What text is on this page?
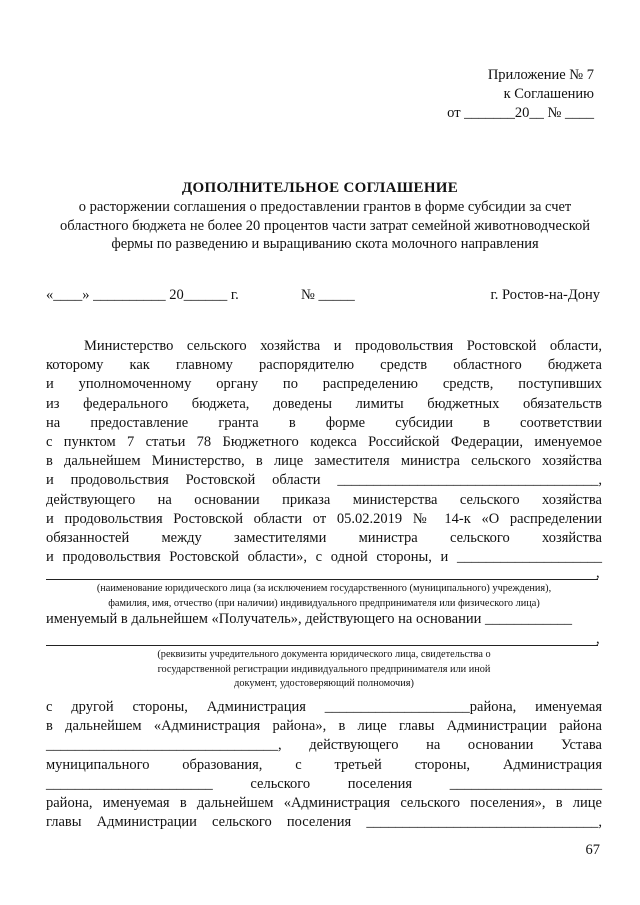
Приложение № 7
к Соглашению
от _______20__ № ____
ДОПОЛНИТЕЛЬНОЕ СОГЛАШЕНИЕ
о расторжении соглашения о предоставлении грантов в форме субсидии за счет
областного бюджета не более 20 процентов части затрат семейной животноводческой
фермы по разведению и выращиванию скота молочного направления
«____» __________ 20______ г.	№ _____	г. Ростов-на-Дону
Министерство сельского хозяйства и продовольствия Ростовской области,
которому как главному распорядителю средств областного бюджета
и уполномоченному органу по распределению средств, поступивших
из федерального бюджета, доведены лимиты бюджетных обязательств
на предоставление гранта в форме субсидии в соответствии
с пунктом 7 статьи 78 Бюджетного кодекса Российской Федерации, именуемое
в дальнейшем Министерство, в лице заместителя министра сельского хозяйства
и продовольствия Ростовской области ____________________________________,
действующего на основании приказа министерства сельского хозяйства
и продовольствия Ростовской области от 05.02.2019 № 14-к «О распределении
обязанностей между заместителями министра сельского хозяйства
и продовольствия Ростовской области», с одной стороны, и ____________________
,
(наименование юридического лица (за исключением государственного (муниципального) учреждения),
фамилия, имя, отчество (при наличии) индивидуального предпринимателя или физического лица)
именуемый в дальнейшем «Получатель», действующего на основании ____________
,
(реквизиты учредительного документа юридического лица, свидетельства о
государственной регистрации индивидуального предпринимателя или иной
документ, удостоверяющий полномочия)
с другой стороны, Администрация ____________________района, именуемая
в дальнейшем «Администрация района», в лице главы Администрации района
________________________________, действующего на основании Устава
муниципального образования, с третьей стороны, Администрация
_______________________ сельского поселения _____________________
района, именуемая в дальнейшем «Администрация сельского поселения», в лице
главы Администрации сельского поселения ________________________________,
67
